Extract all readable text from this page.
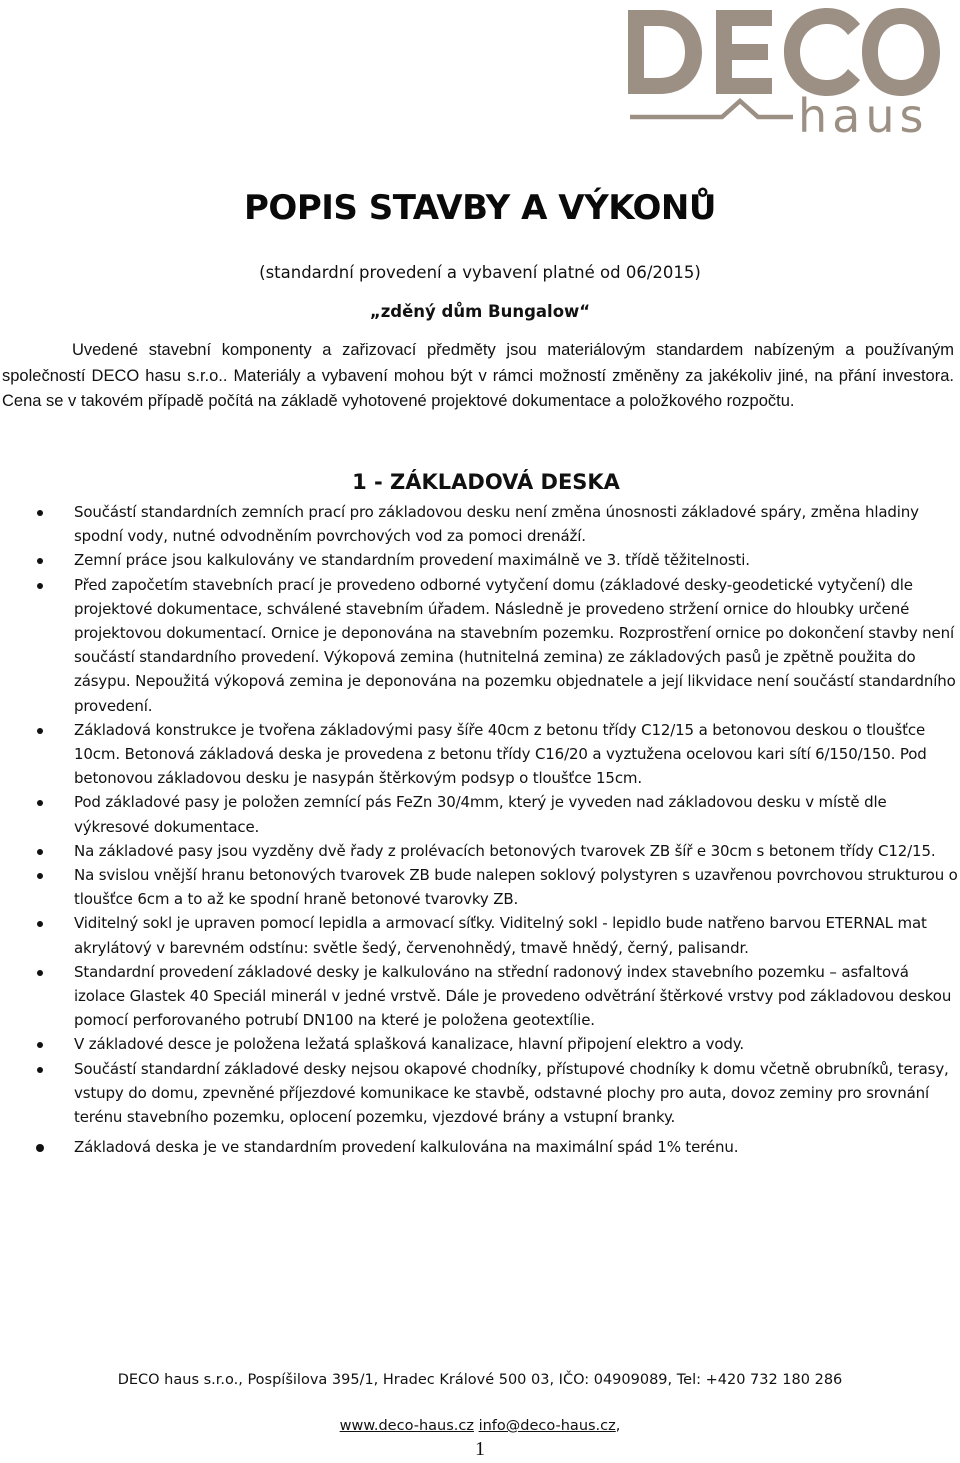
haus
POPIS STAVBY A VÝKONŮ
(standardní provedení a vybavení platné od 06/2015)
„zděný dům Bungalow“
Uvedené stavební komponenty a zařizovací předměty jsou materiálovým standardem nabízeným a používaným společností DECO hasu s.r.o.. Materiály a vybavení mohou být v rámci možností změněny za jakékoliv jiné, na přání investora. Cena se v takovém případě počítá na základě vyhotovené projektové dokumentace a položkového rozpočtu.
1 - ZÁKLADOVÁ DESKA
Součástí standardních zemních prací pro základovou desku není změna únosnosti základové spáry, změna hladiny spodní vody, nutné odvodněním povrchových vod za pomoci drenáží.
Zemní práce jsou kalkulovány ve standardním provedení maximálně ve 3. třídě těžitelnosti.
Před započetím stavebních prací je provedeno odborné vytyčení domu (základové desky-geodetické vytyčení) dle projektové dokumentace, schválené stavebním úřadem. Následně je provedeno stržení ornice do hloubky určené projektovou dokumentací. Ornice je deponována na stavebním pozemku. Rozprostření ornice po dokončení stavby není součástí standardního provedení. Výkopová zemina (hutnitelná zemina) ze základových pasů je zpětně použita do zásypu. Nepoužitá výkopová zemina je deponována na pozemku objednatele a její likvidace není součástí standardního provedení.
Základová konstrukce je tvořena základovými pasy šíře 40cm z betonu třídy C12/15 a betonovou deskou o tloušťce 10cm. Betonová základová deska je provedena z betonu třídy C16/20 a vyztužena ocelovou kari sítí 6/150/150. Pod betonovou základovou desku je nasypán štěrkovým podsyp o tloušťce 15cm.
Pod základové pasy je položen zemnící pás FeZn 30/4mm, který je vyveden nad základovou desku v místě dle výkresové dokumentace.
Na základové pasy jsou vyzděny dvě řady z prolévacích betonových tvarovek ZB šíř e 30cm s betonem třídy C12/15.
Na svislou vnější hranu betonových tvarovek ZB bude nalepen soklový polystyren s uzavřenou povrchovou strukturou o tloušťce 6cm a to až ke spodní hraně betonové tvarovky ZB.
Viditelný sokl je upraven pomocí lepidla a armovací síťky. Viditelný sokl - lepidlo bude natřeno barvou ETERNAL mat akrylátový v barevném odstínu: světle šedý, červenohnědý, tmavě hnědý, černý, palisandr.
Standardní provedení základové desky je kalkulováno na střední radonový index stavebního pozemku – asfaltová izolace Glastek 40 Speciál minerál v jedné vrstvě. Dále je provedeno odvětrání štěrkové vrstvy pod základovou deskou pomocí perforovaného potrubí DN100 na které je položena geotextílie.
V základové desce je položena ležatá splašková kanalizace, hlavní připojení elektro a vody.
Součástí standardní základové desky nejsou okapové chodníky, přístupové chodníky k domu včetně obrubníků, terasy, vstupy do domu, zpevněné příjezdové komunikace ke stavbě, odstavné plochy pro auta, dovoz zeminy pro srovnání terénu stavebního pozemku, oplocení pozemku, vjezdové brány a vstupní branky.
Základová deska je ve standardním provedení kalkulována na maximální spád 1% terénu.
DECO haus s.r.o., Pospíšilova 395/1, Hradec Králové 500 03, IČO: 04909089, Tel: +420 732 180 286
www.deco-haus.cz info@deco-haus.cz,
1
